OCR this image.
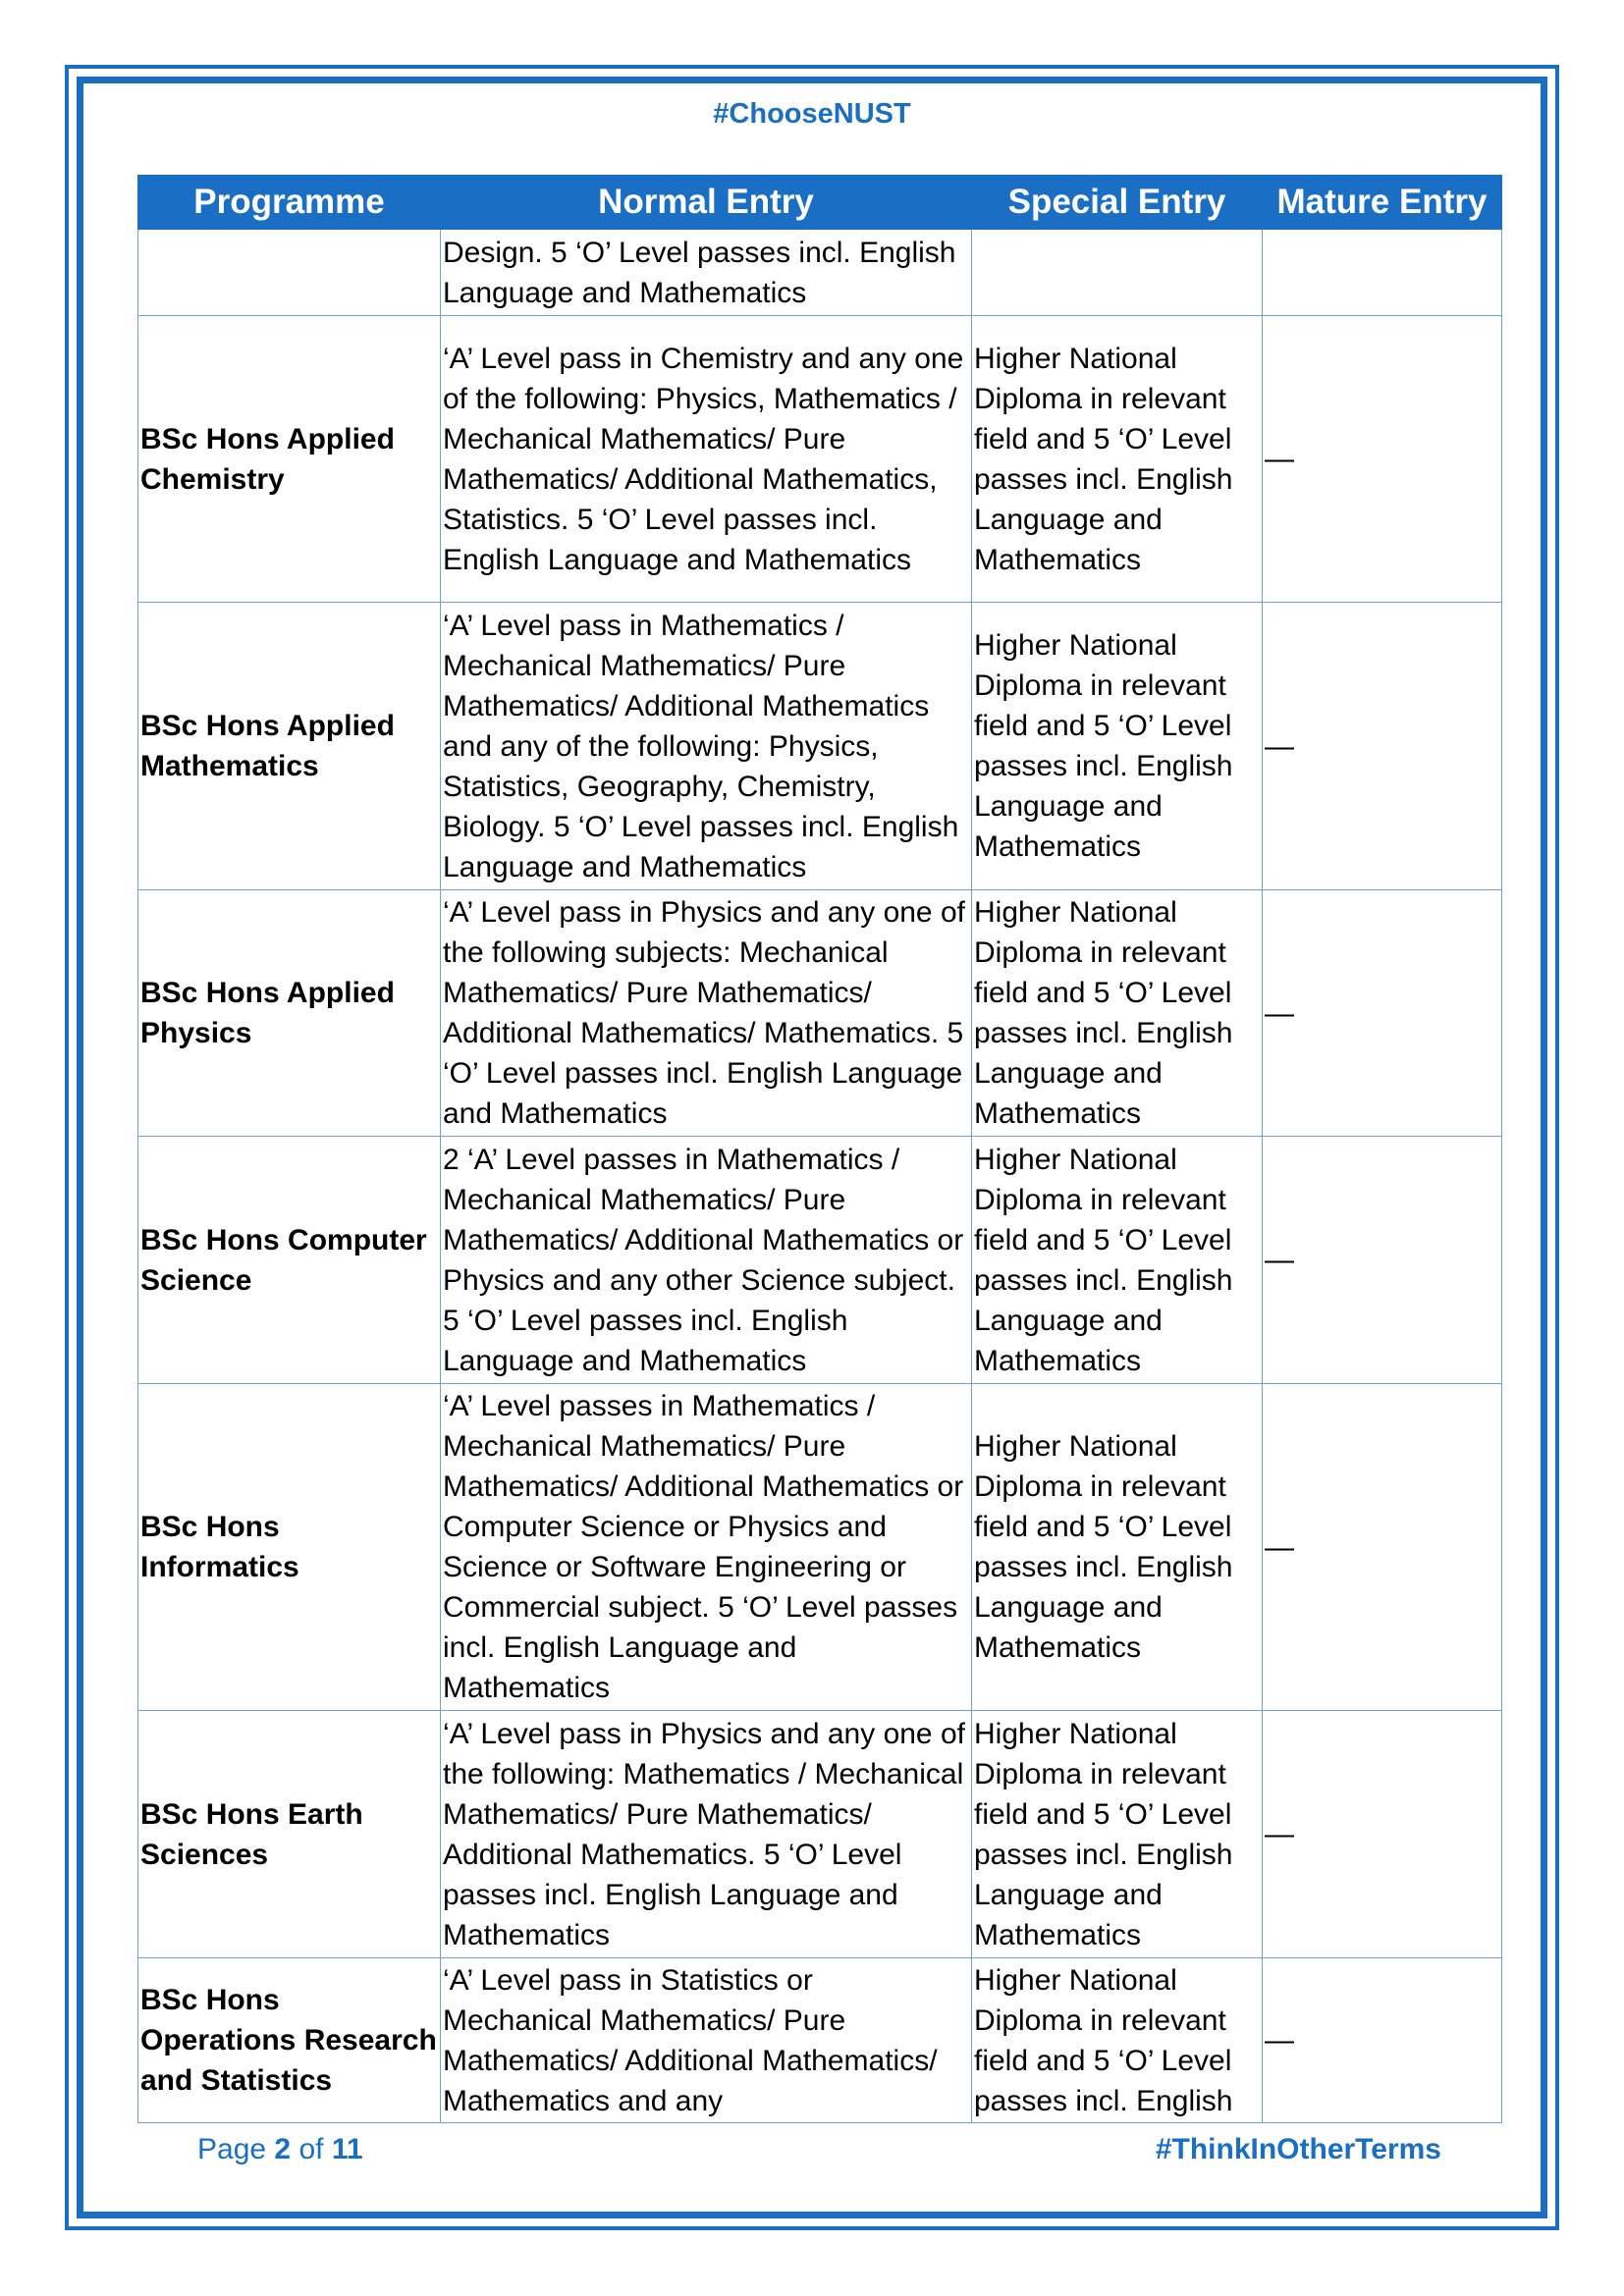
#ChooseNUST
Programme	Normal Entry	Special Entry	Mature Entry
	Design. 5 ‘O’ Level passes incl. English Language and Mathematics		
BSc Hons Applied Chemistry	‘A’ Level pass in Chemistry and any one of the following: Physics, Mathematics / Mechanical Mathematics/ Pure Mathematics/ Additional Mathematics, Statistics. 5 ‘O’ Level passes incl. English Language and Mathematics	Higher National Diploma in relevant field and 5 ‘O’ Level passes incl. English Language and Mathematics	—
BSc Hons Applied Mathematics	‘A’ Level pass in Mathematics / Mechanical Mathematics/ Pure Mathematics/ Additional Mathematics and any of the following: Physics, Statistics, Geography, Chemistry, Biology. 5 ‘O’ Level passes incl. English Language and Mathematics	Higher National Diploma in relevant field and 5 ‘O’ Level passes incl. English Language and Mathematics	—
BSc Hons Applied Physics	‘A’ Level pass in Physics and any one of the following subjects: Mechanical Mathematics/ Pure Mathematics/ Additional Mathematics/ Mathematics. 5 ‘O’ Level passes incl. English Language and Mathematics	Higher National Diploma in relevant field and 5 ‘O’ Level passes incl. English Language and Mathematics	—
BSc Hons Computer Science	2 ‘A’ Level passes in Mathematics / Mechanical Mathematics/ Pure Mathematics/ Additional Mathematics or Physics and any other Science subject. 5 ‘O’ Level passes incl. English Language and Mathematics	Higher National Diploma in relevant field and 5 ‘O’ Level passes incl. English Language and Mathematics	—
BSc Hons Informatics	‘A’ Level passes in Mathematics / Mechanical Mathematics/ Pure Mathematics/ Additional Mathematics or Computer Science or Physics and Science or Software Engineering or Commercial subject. 5 ‘O’ Level passes incl. English Language and Mathematics	Higher National Diploma in relevant field and 5 ‘O’ Level passes incl. English Language and Mathematics	—
BSc Hons Earth Sciences	‘A’ Level pass in Physics and any one of the following: Mathematics / Mechanical Mathematics/ Pure Mathematics/ Additional Mathematics. 5 ‘O’ Level passes incl. English Language and Mathematics	Higher National Diploma in relevant field and 5 ‘O’ Level passes incl. English Language and Mathematics	—
BSc Hons Operations Research and Statistics	‘A’ Level pass in Statistics or Mechanical Mathematics/ Pure Mathematics/ Additional Mathematics/ Mathematics and any	Higher National Diploma in relevant field and 5 ‘O’ Level passes incl. English	—
Page 2 of 11	#ThinkInOtherTerms
